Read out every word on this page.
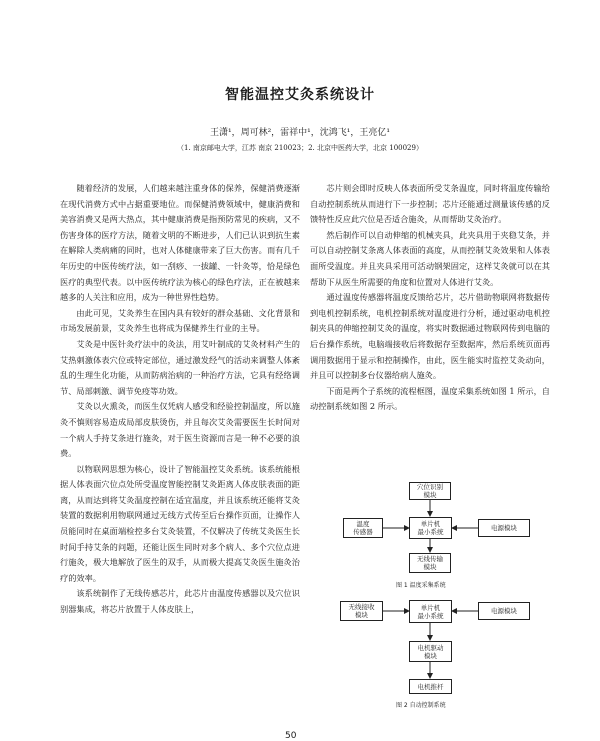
智能温控艾灸系统设计
王潇¹，周可林²，雷祥中¹，沈鸿飞¹，王亮亿¹
（1. 南京邮电大学，江苏 南京 210023；2. 北京中医药大学，北京 100029）

随着经济的发展，人们越来越注重身体的保养，保健消费逐渐在现代消费方式中占据重要地位。而保健消费领域中，健康消费和美容消费又是两大热点，其中健康消费是指预防常见的疾病，又不伤害身体的医疗方法，随着文明的不断进步，人们已认识到抗生素在解除人类病痛的同时，也对人体健康带来了巨大伤害。而有几千年历史的中医传统疗法，如一刮痧、一拔罐、一针灸等，恰是绿色医疗的典型代表。以中医传统疗法为核心的绿色疗法，正在被越来越多的人关注和应用，成为一种世界性趋势。

由此可见，艾灸养生在国内具有较好的群众基础、文化背景和市场发展前景，艾灸养生也将成为保健养生行业的主导。

艾灸是中医针灸疗法中的灸法，用艾叶制成的艾灸材料产生的艾热刺激体表穴位或特定部位，通过激发经气的活动来调整人体紊乱的生理生化功能，从而防病治病的一种治疗方法，它具有经络调节、局部刺激、调节免疫等功效。

艾灸以火熏灸，而医生仅凭病人感受和经验控制温度，所以施灸不慎则容易造成局部皮肤烫伤，并且每次艾灸需要医生长时间对一个病人手持艾条进行施灸，对于医生资源而言是一种不必要的浪费。

以物联网思想为核心，设计了智能温控艾灸系统。该系统能根据人体表面穴位点处所受温度智能控制艾灸距离人体皮肤表面的距离，从而达到将艾灸温度控制在适宜温度，并且该系统还能将艾灸装置的数据利用物联网通过无线方式传至后台操作页面，让操作人员能同时在桌面端检控多台艾灸装置，不仅解决了传统艾灸医生长时间手持艾条的问题，还能让医生同时对多个病人、多个穴位点进行施灸，极大地解放了医生的双手，从而极大提高艾灸医生施灸治疗的效率。

该系统制作了无线传感芯片，此芯片由温度传感器以及穴位识别器集成，将芯片放置于人体皮肤上，

芯片则会即时反映人体表面所受艾条温度，同时将温度传输给自动控制系统从而进行下一步控制；芯片还能通过测量该传感的反馈特性反应此穴位是否适合施灸，从而帮助艾灸治疗。

然后制作可以自动伸缩的机械夹具，此夹具用于夹稳艾条，并可以自动控制艾条离人体表面的高度，从而控制艾灸效果和人体表面所受温度。并且夹具采用可活动钢架固定，这样艾灸就可以在其帮助下从医生所需要的角度和位置对人体进行艾灸。

通过温度传感器将温度反馈给芯片，芯片借助物联网将数据传到电机控制系统，电机控制系统对温度进行分析，通过驱动电机控制夹具的伸缩控制艾灸的温度，将实时数据通过物联网传到电脑的后台操作系统，电脑端接收后将数据存至数据库，然后系统页面再调用数据用于显示和控制操作，由此，医生能实时监控艾灸动向，并且可以控制多台仪器给病人施灸。

下面是两个子系统的流程框图，温度采集系统如图 1 所示，自动控制系统如图 2 所示。

穴位识别
模块
温度
传感器
单片机
最小系统	电源模块
无线传输
模块
图 1 温度采集系统
无线接收
模块
单片机
最小系统
电源模块
电机驱动
模块
电机推杆
图 2 自动控制系统
50
